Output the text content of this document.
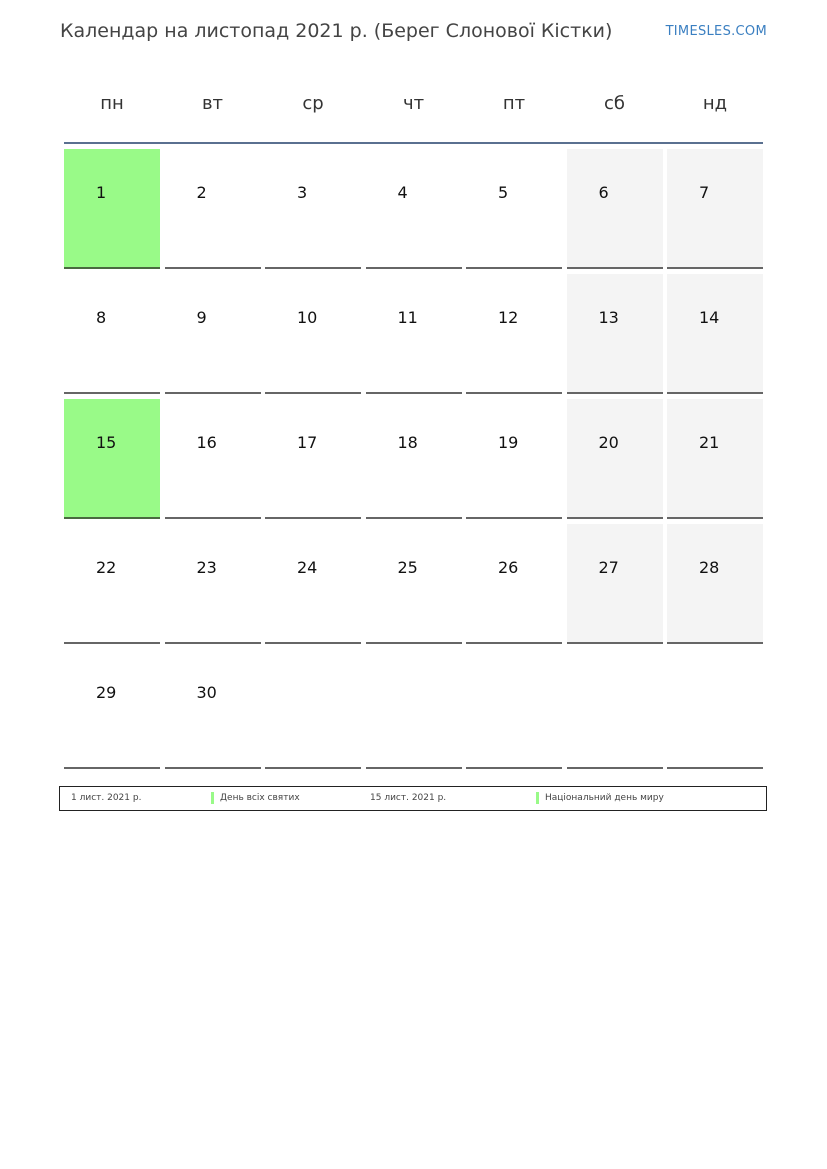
Календар на листопад 2021 р. (Берег Слонової Кістки)	TIMESLES.COM
пн	вт	ср	чт	пт	сб	нд
1	2	3	4	5	6	7
8	9	10	11	12	13	14
15	16	17	18	19	20	21
22	23	24	25	26	27	28
29	30
1 лист. 2021 р.	День всіх святих	15 лист. 2021 р.	Національний день миру
